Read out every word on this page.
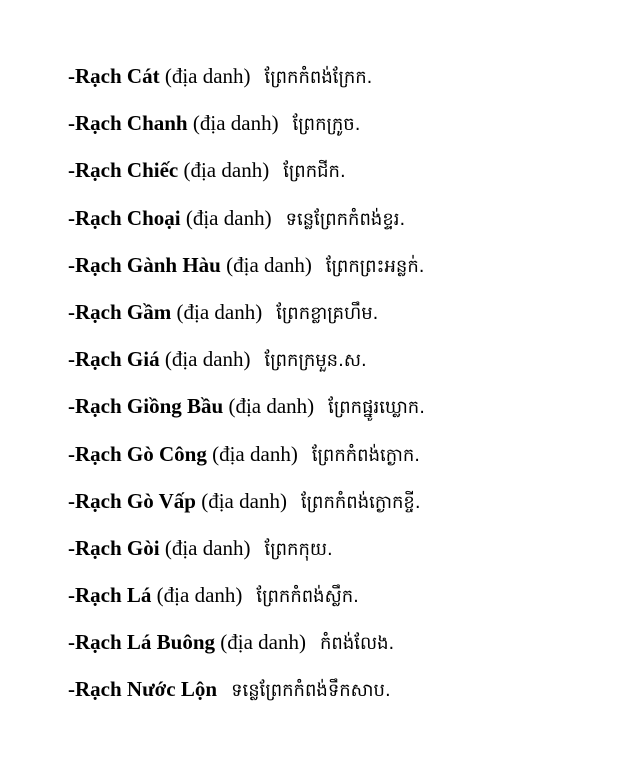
-Rạch Cát (địa danh) ព្រែកកំពង់ក្រែក.
-Rạch Chanh (địa danh) ព្រែកក្រូច.
-Rạch Chiếc (địa danh) ព្រែកជីក.
-Rạch Choại (địa danh) ទន្លេព្រែកកំពង់ខ្ទរ.
-Rạch Gành Hàu (địa danh) ព្រែកព្រះអន្លក់.
-Rạch Gầm (địa danh) ព្រែកខ្លាគ្រហឹម.
-Rạch Giá (địa danh) ព្រែកក្រមួន.ស.
-Rạch Giồng Bầu (địa danh) ព្រែកផ្នូរឃ្លោក.
-Rạch Gò Công (địa danh) ព្រែកកំពង់ក្ងោក.
-Rạch Gò Vấp (địa danh) ព្រែកកំពង់ក្ងោកខ្ចី.
-Rạch Gòi (địa danh) ព្រែកកុយ.
-Rạch Lá (địa danh) ព្រែកកំពង់ស្លឹក.
-Rạch Lá Buông (địa danh) កំពង់លែង.
-Rạch Nước Lộn ទន្លេព្រែកកំពង់ទឹកសាប.
